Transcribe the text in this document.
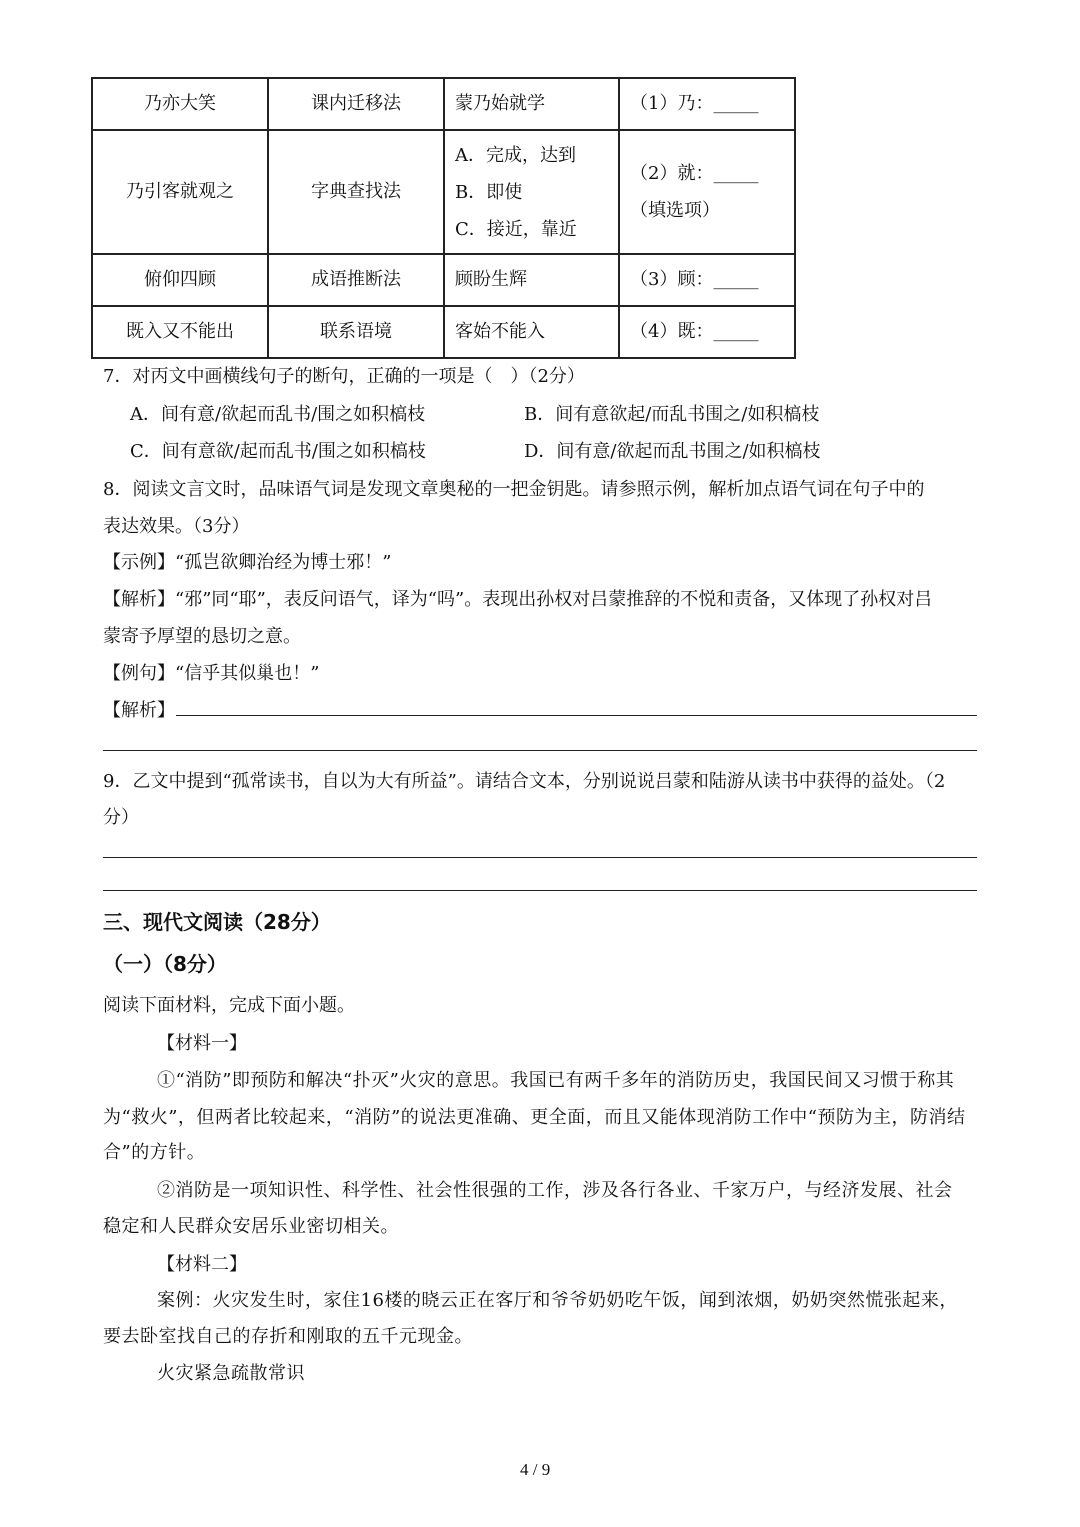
乃亦大笑	课内迁移法	蒙乃始就学	（1）乃：_____
乃引客就观之	字典查找法	A．完成，达到
B．即使
C．接近，靠近	（2）就：_____
（填选项）

俯仰四顾	成语推断法	顾盼生辉	（3）顾：_____
既入又不能出	联系语境	客始不能入	（4）既：_____
7．对丙文中画横线句子的断句，正确的一项是（　）（2分）
A．间有意/欲起而乱书/围之如积槁枝	B．间有意欲起/而乱书围之/如积槁枝
C．间有意欲/起而乱书/围之如积槁枝	D．间有意/欲起而乱书围之/如积槁枝
8．阅读文言文时，品味语气词是发现文章奥秘的一把金钥匙。请参照示例，解析加点语气词在句子中的
表达效果。（3分）
【示例】“孤岂欲卿治经为博士邪！”
【解析】“邪”同“耶”，表反问语气，译为“吗”。表现出孙权对吕蒙推辞的不悦和责备，又体现了孙权对吕
蒙寄予厚望的恳切之意。
【例句】“信乎其似巢也！”
【解析】
9．乙文中提到“孤常读书，自以为大有所益”。请结合文本，分别说说吕蒙和陆游从读书中获得的益处。（2
分）
三、现代文阅读（28分）
（一）（8分）
阅读下面材料，完成下面小题。
【材料一】
①“消防”即预防和解决“扑灭”火灾的意思。我国已有两千多年的消防历史，我国民间又习惯于称其
为“救火”，但两者比较起来，“消防”的说法更准确、更全面，而且又能体现消防工作中“预防为主，防消结
合”的方针。
②消防是一项知识性、科学性、社会性很强的工作，涉及各行各业、千家万户，与经济发展、社会
稳定和人民群众安居乐业密切相关。
【材料二】
案例：火灾发生时，家住16楼的晓云正在客厅和爷爷奶奶吃午饭，闻到浓烟，奶奶突然慌张起来，
要去卧室找自己的存折和刚取的五千元现金。
火灾紧急疏散常识
4 / 9
